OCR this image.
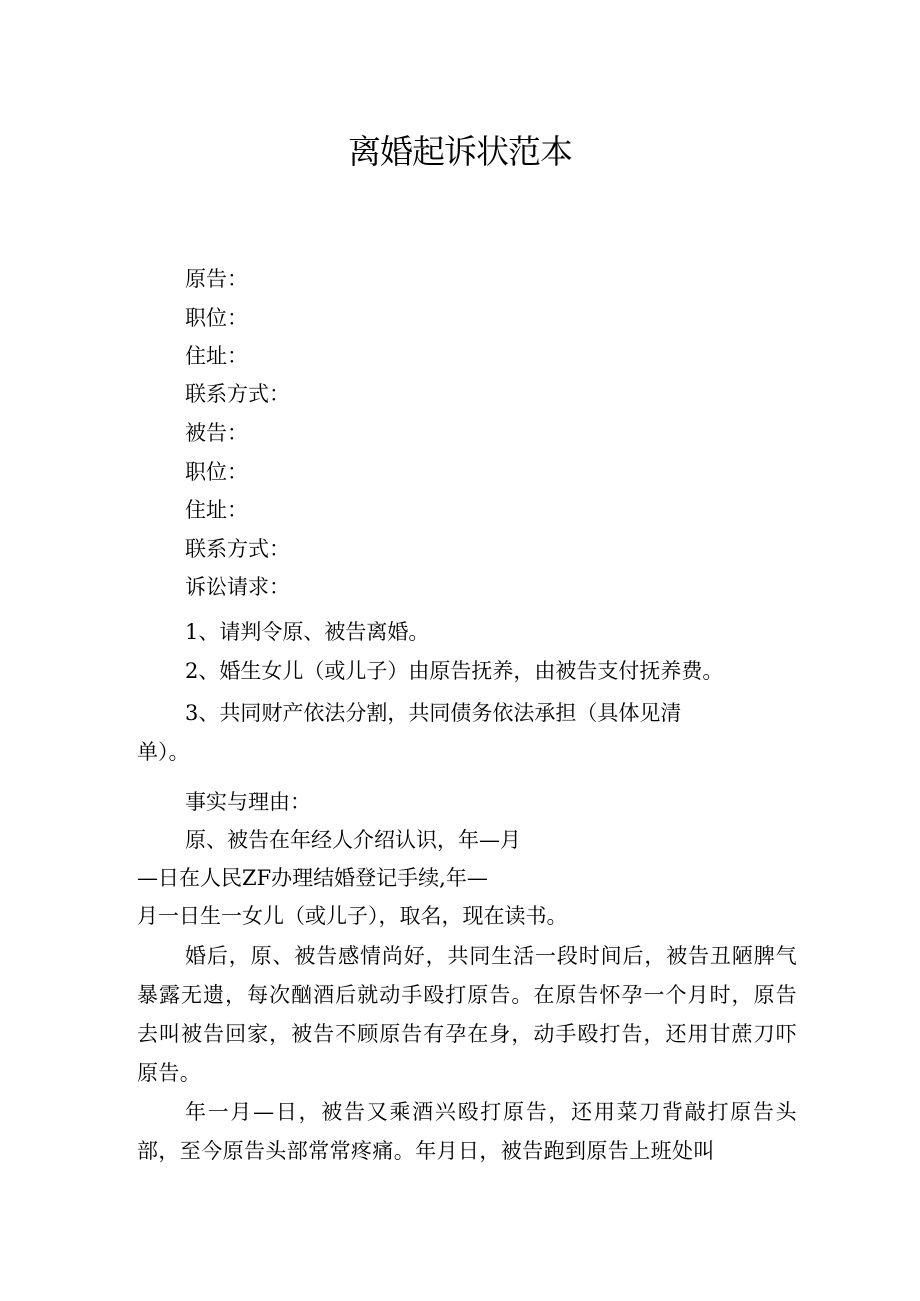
离婚起诉状范本
原告：
职位：
住址：
联系方式：
被告：
职位：
住址：
联系方式：
诉讼请求：
1、请判令原、被告离婚。
2、婚生女儿（或儿子）由原告抚养，由被告支付抚养费。
3、共同财产依法分割，共同债务依法承担（具体见清
单）。
事实与理由：
原、被告在年经人介绍认识，年—月
—日在人民ZF办理结婚登记手续,年—
月一日生一女儿（或儿子），取名，现在读书。
婚后，原、被告感情尚好，共同生活一段时间后，被告丑陋脾气暴露无遗，每次酗酒后就动手殴打原告。在原告怀孕一个月时，原告去叫被告回家，被告不顾原告有孕在身，动手殴打告，还用甘蔗刀吓原告。
年一月—日，被告又乘酒兴殴打原告，还用菜刀背敲打原告头部，至今原告头部常常疼痛。年月日，被告跑到原告上班处叫
